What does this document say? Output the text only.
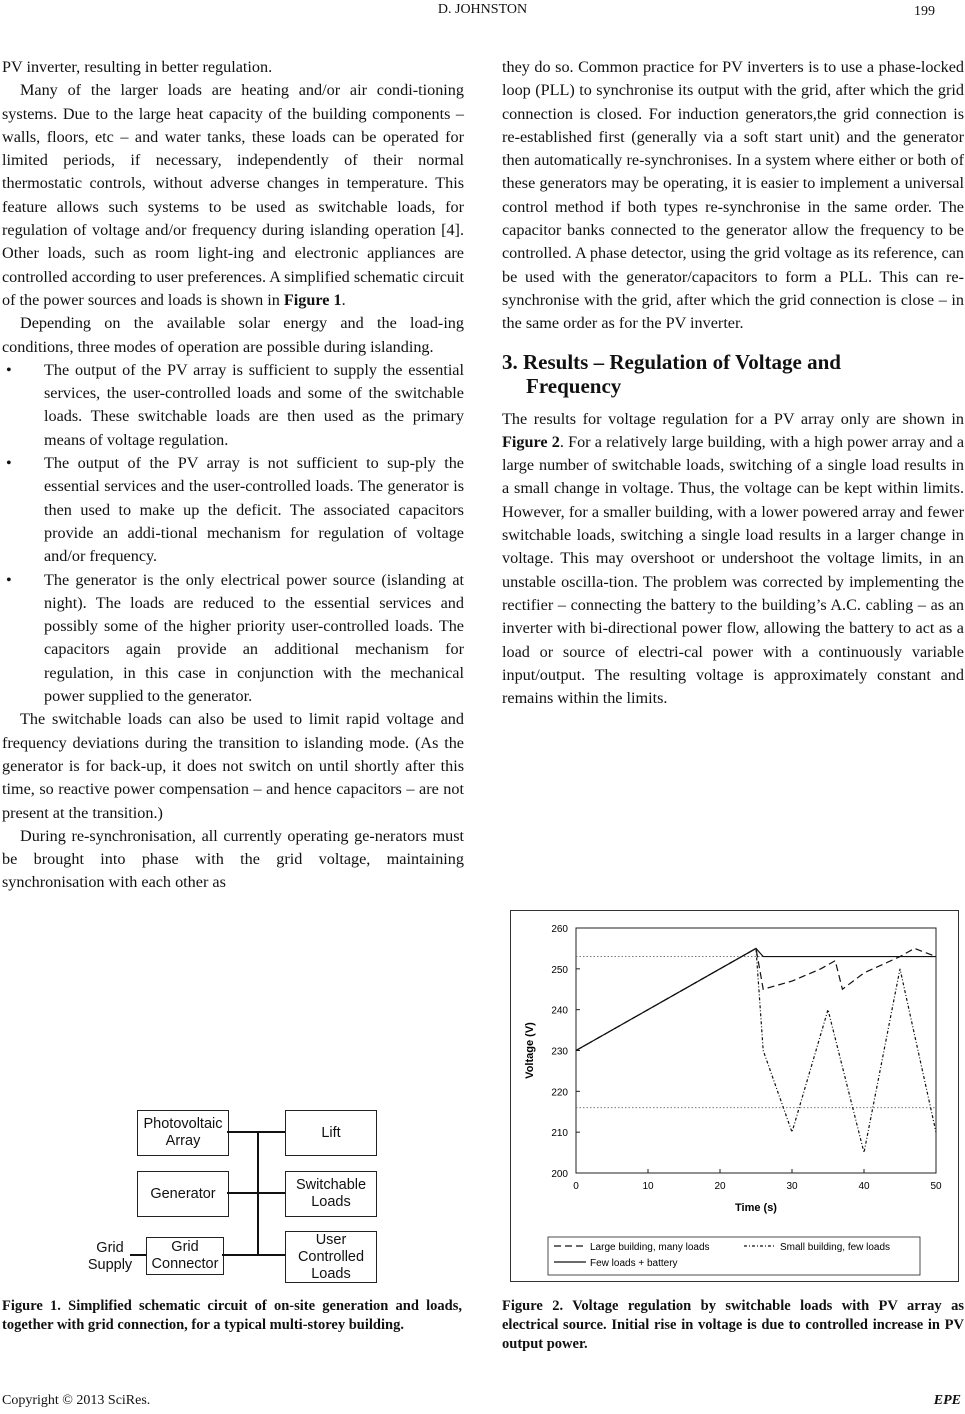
D. JOHNSTON	199

PV inverter, resulting in better regulation.

Many of the larger loads are heating and/or air condi-tioning systems. Due to the large heat capacity of the building components – walls, floors, etc – and water tanks, these loads can be operated for limited periods, if necessary, independently of their normal thermostatic controls, without adverse changes in temperature. This feature allows such systems to be used as switchable loads, for regulation of voltage and/or frequency during islanding operation [4]. Other loads, such as room light-ing and electronic appliances are controlled according to user preferences. A simplified schematic circuit of the power sources and loads is shown in Figure 1.

Depending on the available solar energy and the load-ing conditions, three modes of operation are possible during islanding.

• The output of the PV array is sufficient to supply the essential services, the user-controlled loads and some of the switchable loads. These switchable loads are then used as the primary means of voltage regulation.
• The output of the PV array is not sufficient to sup-ply the essential services and the user-controlled loads. The generator is then used to make up the deficit. The associated capacitors provide an addi-tional mechanism for regulation of voltage and/or frequency.
• The generator is the only electrical power source (islanding at night). The loads are reduced to the essential services and possibly some of the higher priority user-controlled loads. The capacitors again provide an additional mechanism for regulation, in this case in conjunction with the mechanical power supplied to the generator.

The switchable loads can also be used to limit rapid voltage and frequency deviations during the transition to islanding mode. (As the generator is for back-up, it does not switch on until shortly after this time, so reactive power compensation – and hence capacitors – are not present at the transition.)

During re-synchronisation, all currently operating ge-nerators must be brought into phase with the grid voltage, maintaining synchronisation with each other as

Photovoltaic Array
Generator
Grid Connector
Lift
Switchable Loads
User Controlled Loads
Grid Supply
Figure 1. Simplified schematic circuit of on-site generation and loads, together with grid connection, for a typical multi-storey building.

they do so. Common practice for PV inverters is to use a phase-locked loop (PLL) to synchronise its output with the grid, after which the grid connection is closed. For induction generators,the grid connection is re-established first (generally via a soft start unit) and the generator then automatically re-synchronises. In a system where either or both of these generators may be operating, it is easier to implement a universal control method if both types re-synchronise in the same order. The capacitor banks connected to the generator allow the frequency to be controlled. A phase detector, using the grid voltage as its reference, can be used with the generator/capacitors to form a PLL. This can re-synchronise with the grid, after which the grid connection is close – in the same order as for the PV inverter.

3. Results – Regulation of Voltage and
Frequency

The results for voltage regulation for a PV array only are shown in Figure 2. For a relatively large building, with a high power array and a large number of switchable loads, switching of a single load results in a small change in voltage. Thus, the voltage can be kept within limits. However, for a smaller building, with a lower powered array and fewer switchable loads, switching a single load results in a larger change in voltage. This may overshoot or undershoot the voltage limits, in an unstable oscilla-tion. The problem was corrected by implementing the rectifier – connecting the battery to the building’s A.C. cabling – as an inverter with bi-directional power flow, allowing the battery to act as a load or source of electri-cal power with a continuously variable input/output. The resulting voltage is approximately constant and remains within the limits.

200
210
220
230
240
250
260
0	10	20	30	40	50
Time (s)
Voltage (V)
Large building, many loads	Small building, few loads
Few loads + battery
Figure 2. Voltage regulation by switchable loads with PV array as electrical source. Initial rise in voltage is due to controlled increase in PV output power.
Copyright © 2013 SciRes.	EPE
